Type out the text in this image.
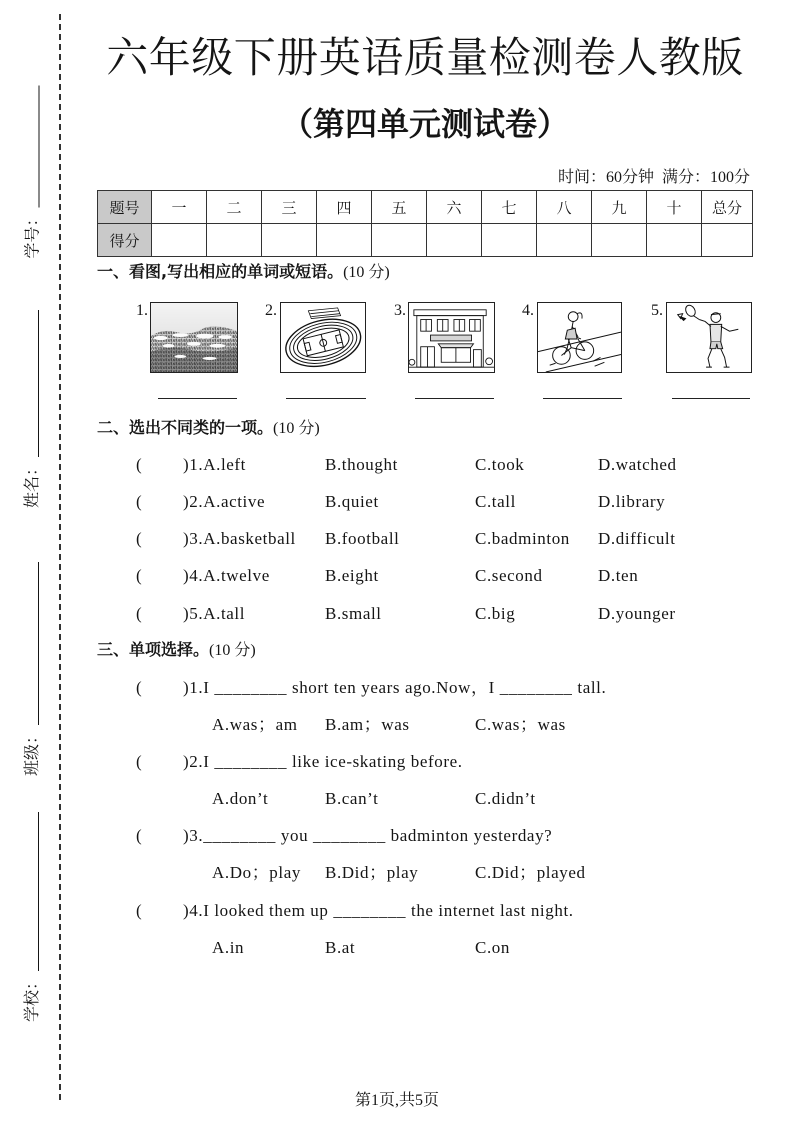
学号：
姓名：
班级：
学校：
六年级下册英语质量检测卷人教版
（第四单元测试卷）
时间：60分钟  满分：100分
题号	一	二	三	四	五	六	七	八	九	十	总分
得分											
一、看图,写出相应的单词或短语。(10 分)
1.	2.	3.	4.	5.
二、选出不同类的一项。(10 分)
( )1.A.left	B.thought	C.took	D.watched
( )2.A.active	B.quiet	C.tall	D.library
( )3.A.basketball B.football	C.badminton D.difficult
( )4.A.twelve	B.eight	C.second	D.ten
( )5.A.tall	B.small	C.big	D.younger
三、单项选择。(10 分)
( )1.I ________ short ten years ago.Now，I ________ tall.
A.was；am B.am；was	C.was；was
( )2.I ________ like ice-skating before.
A.don’t	B.can’t	C.didn’t
( )3.________ you ________ badminton yesterday?
A.Do；play B.Did；play	C.Did；played
( )4.I looked them up ________ the internet last night.
A.in	B.at	C.on
第1页,共5页
